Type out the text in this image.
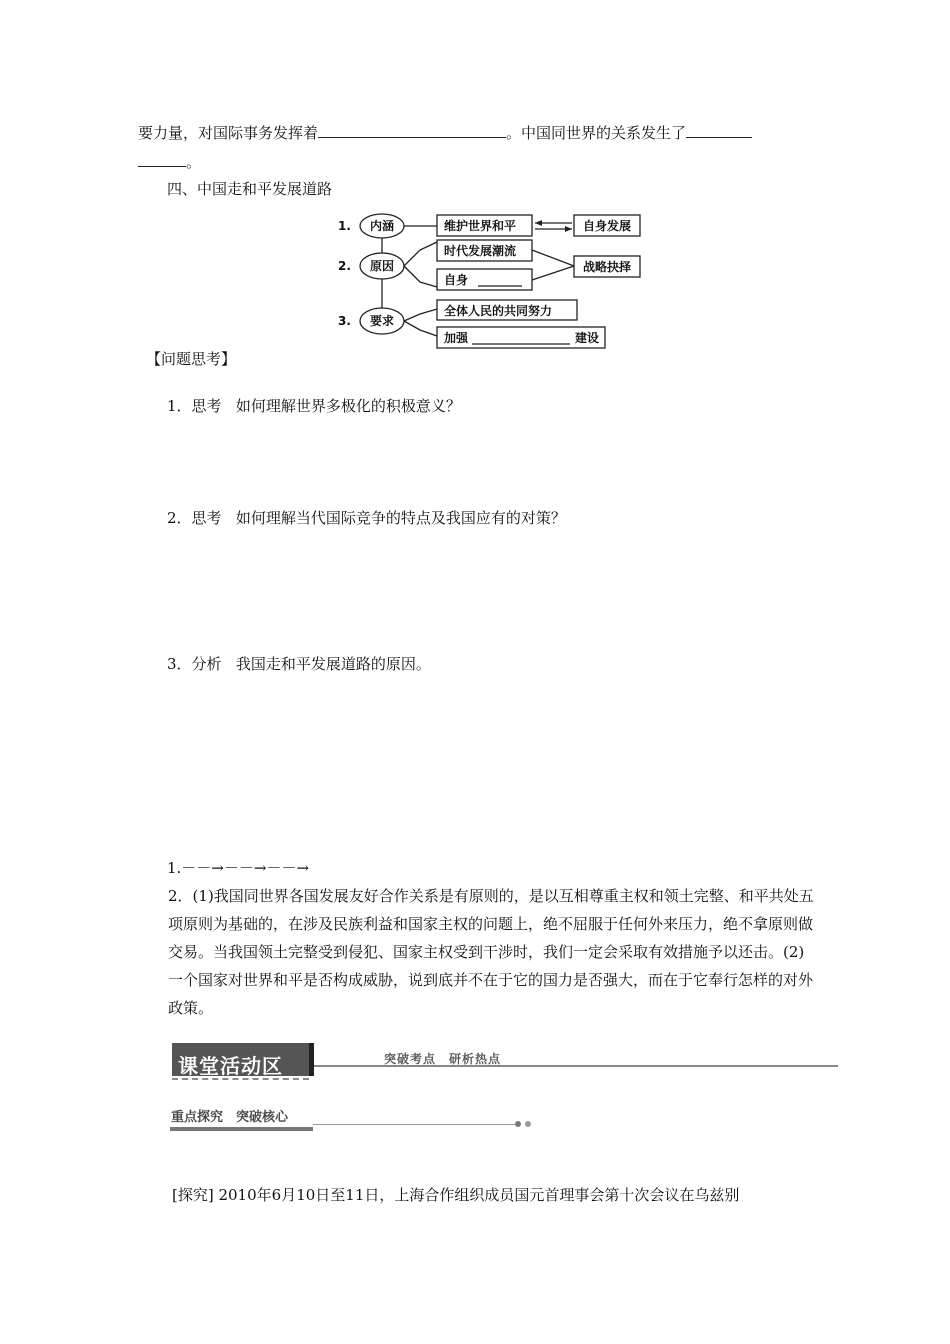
要力量，对国际事务发挥着	。中国同世界的关系发生了
。
四、中国走和平发展道路
1.
2.
3.
内涵
原因
要求
维护世界和平	自身发展
时代发展潮流
自身
战略抉择
全体人民的共同努力
加强	建设
【问题思考】
1．思考 如何理解世界多极化的积极意义？
2．思考 如何理解当代国际竞争的特点及我国应有的对策？
3．分析 我国走和平发展道路的原因。
1.－－→－－→－－→
2．(1)我国同世界各国发展友好合作关系是有原则的，是以互相尊重主权和领土完整、和平共处五项原则为基础的，在涉及民族利益和国家主权的问题上，绝不屈服于任何外来压力，绝不拿原则做交易。当我国领土完整受到侵犯、国家主权受到干涉时，我们一定会采取有效措施予以还击。(2)一个国家对世界和平是否构成威胁，说到底并不在于它的国力是否强大，而在于它奉行怎样的对外政策。
课堂活动区	突破考点　研析热点
重点探究　突破核心
[探究] 2010年6月10日至11日，上海合作组织成员国元首理事会第十次会议在乌兹别
